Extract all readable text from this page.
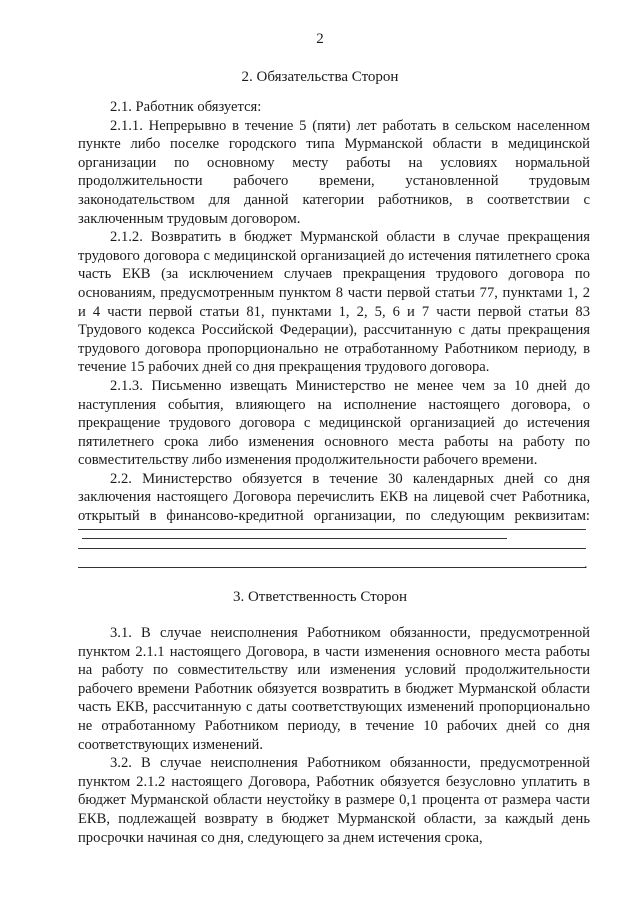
2
2. Обязательства Сторон

2.1. Работник обязуется:

2.1.1. Непрерывно в течение 5 (пяти) лет работать в сельском населенном пункте либо поселке городского типа Мурманской области в медицинской организации по основному месту работы на условиях нормальной продолжительности рабочего времени, установленной трудовым законодательством для данной категории работников, в соответствии с заключенным трудовым договором.

2.1.2. Возвратить в бюджет Мурманской области в случае прекращения трудового договора с медицинской организацией до истечения пятилетнего срока часть ЕКВ (за исключением случаев прекращения трудового договора по основаниям, предусмотренным пунктом 8 части первой статьи 77, пунктами 1, 2 и 4 части первой статьи 81, пунктами 1, 2, 5, 6 и 7 части первой статьи 83 Трудового кодекса Российской Федерации), рассчитанную с даты прекращения трудового договора пропорционально не отработанному Работником периоду, в течение 15 рабочих дней со дня прекращения трудового договора.

2.1.3. Письменно извещать Министерство не менее чем за 10 дней до наступления события, влияющего на исполнение настоящего договора, о прекращение трудового договора с медицинской организацией до истечения пятилетнего срока либо изменения основного места работы на работу по совместительству либо изменения продолжительности рабочего времени.

2.2. Министерство обязуется в течение 30 календарных дней со дня заключения настоящего Договора перечислить ЕКВ на лицевой счет Работника, открытый в финансово-кредитной организации, по следующим реквизитам:

.
3. Ответственность Сторон

3.1. В случае неисполнения Работником обязанности, предусмотренной пунктом 2.1.1 настоящего Договора, в части изменения основного места работы на работу по совместительству или изменения условий продолжительности рабочего времени Работник обязуется возвратить в бюджет Мурманской области часть ЕКВ, рассчитанную с даты соответствующих изменений пропорционально не отработанному Работником периоду, в течение 10 рабочих дней со дня соответствующих изменений.

3.2. В случае неисполнения Работником обязанности, предусмотренной пунктом 2.1.2 настоящего Договора, Работник обязуется безусловно уплатить в бюджет Мурманской области неустойку в размере 0,1 процента от размера части ЕКВ, подлежащей возврату в бюджет Мурманской области, за каждый день просрочки начиная со дня, следующего за днем истечения срока,
